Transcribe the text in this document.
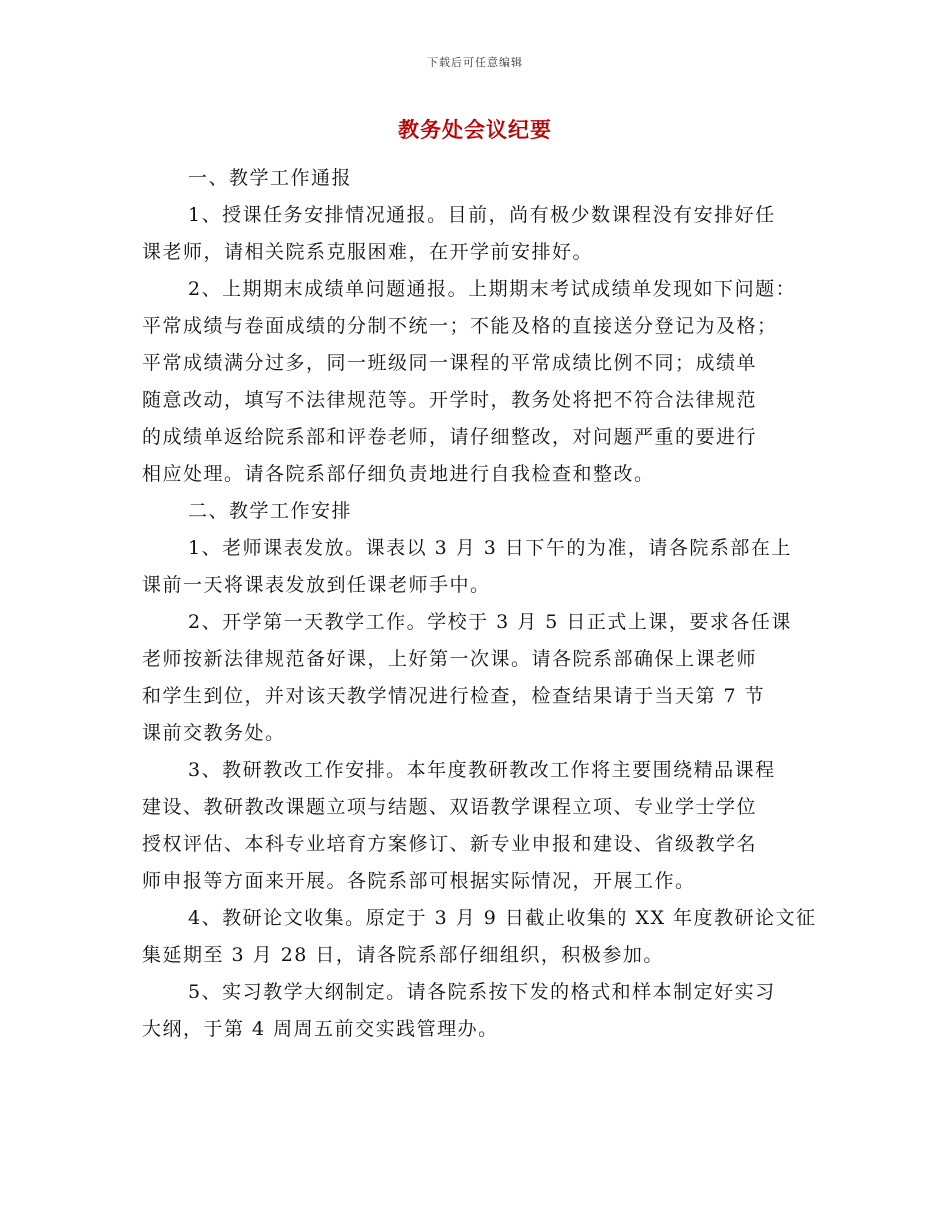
下载后可任意编辑
教务处会议纪要

一、教学工作通报

1、授课任务安排情况通报。目前，尚有极少数课程没有安排好任
课老师，请相关院系克服困难，在开学前安排好。

2、上期期末成绩单问题通报。上期期末考试成绩单发现如下问题：
平常成绩与卷面成绩的分制不统一；不能及格的直接送分登记为及格；
平常成绩满分过多，同一班级同一课程的平常成绩比例不同；成绩单
随意改动，填写不法律规范等。开学时，教务处将把不符合法律规范
的成绩单返给院系部和评卷老师，请仔细整改，对问题严重的要进行
相应处理。请各院系部仔细负责地进行自我检查和整改。

二、教学工作安排

1、老师课表发放。课表以 3 月 3 日下午的为准，请各院系部在上
课前一天将课表发放到任课老师手中。

2、开学第一天教学工作。学校于 3 月 5 日正式上课，要求各任课
老师按新法律规范备好课，上好第一次课。请各院系部确保上课老师
和学生到位，并对该天教学情况进行检查，检查结果请于当天第 7 节
课前交教务处。

3、教研教改工作安排。本年度教研教改工作将主要围绕精品课程
建设、教研教改课题立项与结题、双语教学课程立项、专业学士学位
授权评估、本科专业培育方案修订、新专业申报和建设、省级教学名
师申报等方面来开展。各院系部可根据实际情况，开展工作。

4、教研论文收集。原定于 3 月 9 日截止收集的 XX 年度教研论文征
集延期至 3 月 28 日，请各院系部仔细组织，积极参加。

5、实习教学大纲制定。请各院系按下发的格式和样本制定好实习
大纲，于第 4 周周五前交实践管理办。
